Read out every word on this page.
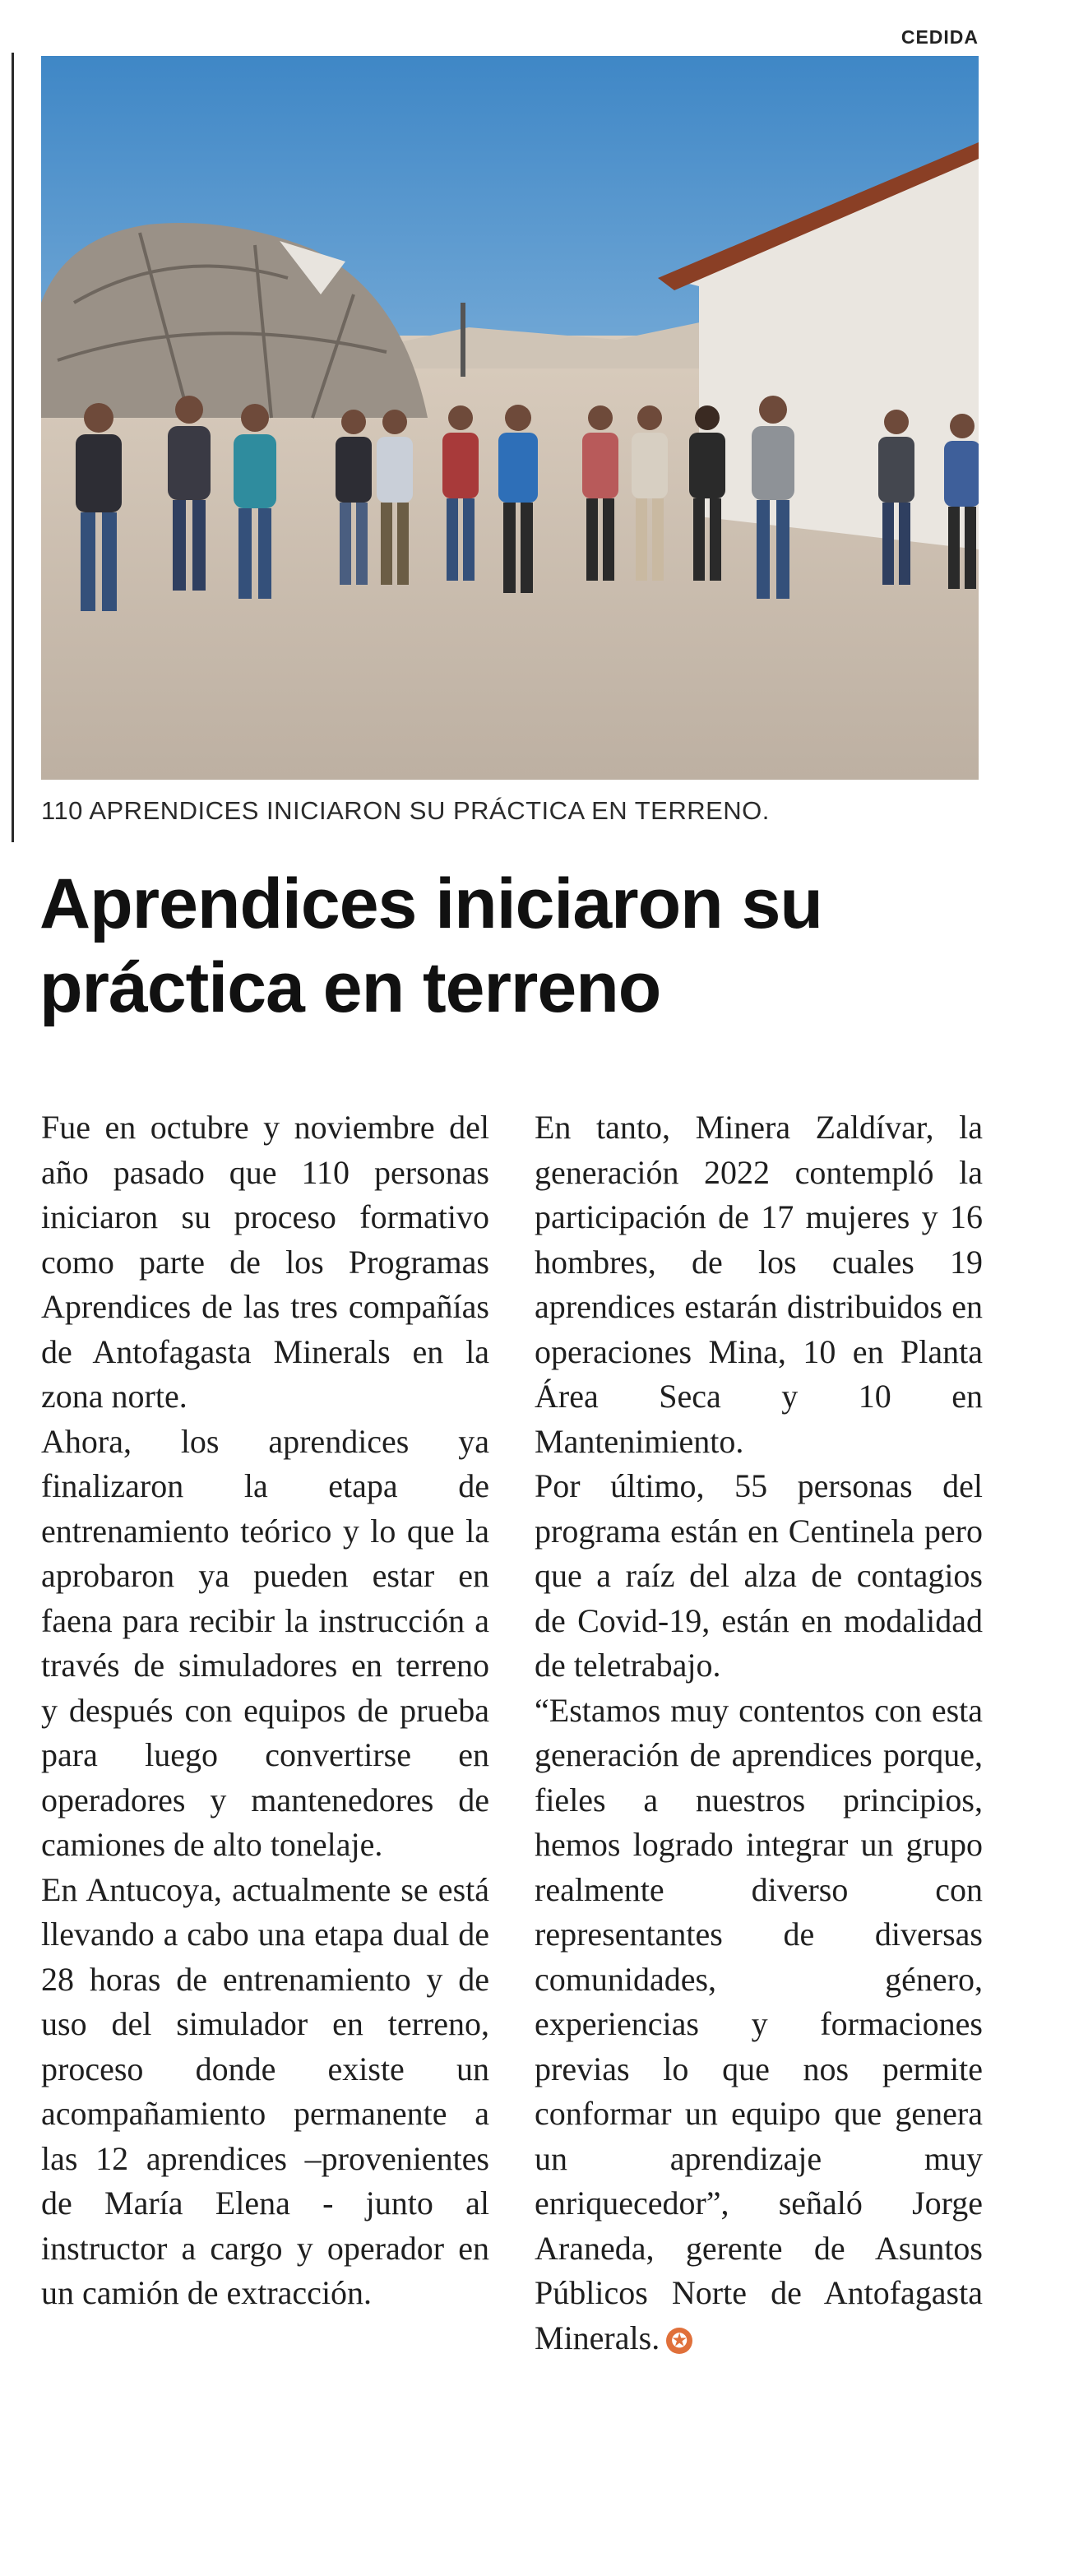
CEDIDA
110 APRENDICES INICIARON SU PRÁCTICA EN TERRENO.
Aprendices iniciaron su práctica en terreno

Fue en octubre y noviembre del año pasado que 110 personas iniciaron su proceso formativo como parte de los Programas Aprendices de las tres compañías de Antofagasta Minerals en la zona norte.

Ahora, los aprendices ya finalizaron la etapa de entrenamiento teórico y lo que la aprobaron ya pueden estar en faena para recibir la instrucción a través de simuladores en terreno y después con equipos de prueba para luego convertirse en operadores y mantenedores de camiones de alto tonelaje.

En Antucoya, actualmente se está llevando a cabo una etapa dual de 28 horas de entrenamiento y de uso del simulador en terreno, proceso donde existe un acompañamiento permanente a las 12 aprendices –provenientes de María Elena - junto al instructor a cargo y operador en un camión de extracción.

En tanto, Minera Zaldívar, la generación 2022 contempló la participación de 17 mujeres y 16 hombres, de los cuales 19 aprendices estarán distribuidos en operaciones Mina, 10 en Planta Área Seca y 10 en Mantenimiento.

Por último, 55 personas del programa están en Centinela pero que a raíz del alza de contagios de Covid-19, están en modalidad de teletrabajo.

“Estamos muy contentos con esta generación de aprendices porque, fieles a nuestros principios, hemos logrado integrar un grupo realmente diverso con representantes de diversas comunidades, género, experiencias y formaciones previas lo que nos permite conformar un equipo que genera un aprendizaje muy enriquecedor”, señaló Jorge Araneda, gerente de Asuntos Públicos Norte de Antofagasta Minerals. ✪
